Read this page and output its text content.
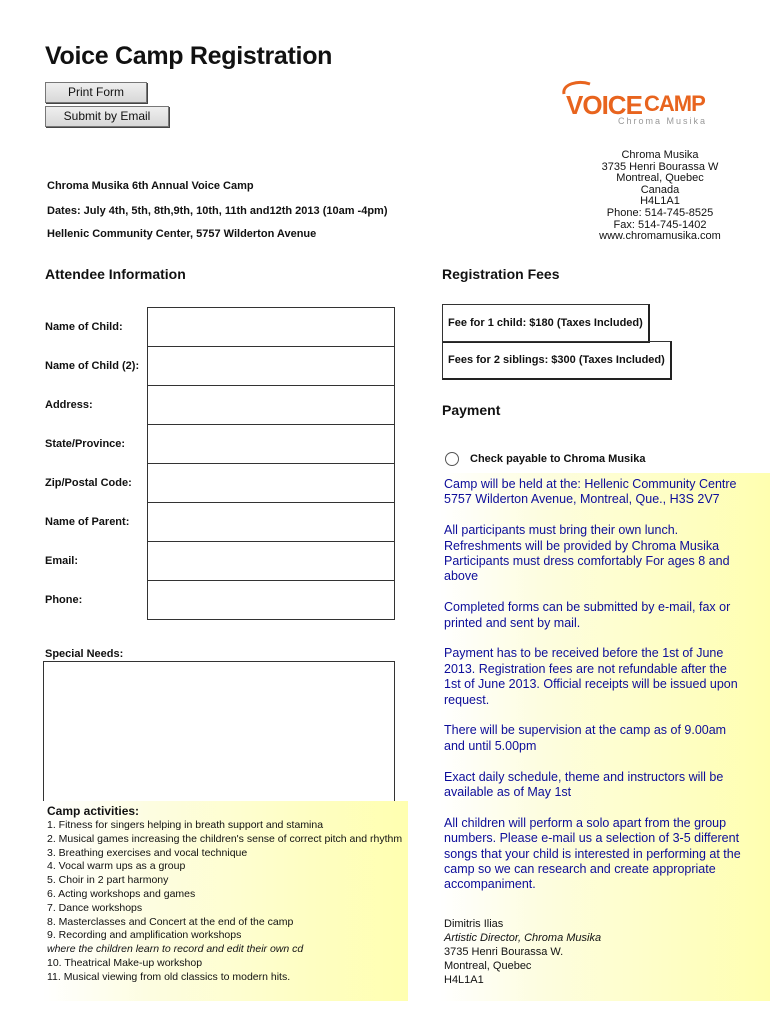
Voice Camp Registration
Print Form
Submit by Email	VOICE CAMP
Chroma Musika
Chroma Musika 6th Annual Voice Camp
Dates: July 4th, 5th, 8th,9th, 10th, 11th and12th 2013 (10am -4pm)
Hellenic Community Center, 5757 Wilderton Avenue
Chroma Musika
3735 Henri Bourassa W
Montreal, Quebec
Canada
H4L1A1
Phone: 514-745-8525
Fax: 514-745-1402
www.chromamusika.com
Attendee Information
Name of Child:
Name of Child (2):
Address:
State/Province:
Zip/Postal Code:
Name of Parent:
Email:
Phone:
Special Needs:
Camp activities:
1. Fitness for singers helping in breath support and stamina
2. Musical games increasing the children's sense of correct pitch and rhythm
3. Breathing exercises and vocal technique
4. Vocal warm ups as a group
5. Choir in 2 part harmony
6. Acting workshops and games
7. Dance workshops
8. Masterclasses and Concert at the end of the camp
9. Recording and amplification workshops
where the children learn to record and edit their own cd
10. Theatrical Make-up workshop
11. Musical viewing from old classics to modern hits.
Registration Fees
Fee for 1 child: $180 (Taxes Included)
Fees for 2 siblings: $300 (Taxes Included)
Payment
Check payable to Chroma Musika

Camp will be held at the: Hellenic Community Centre 5757 Wilderton Avenue, Montreal, Que., H3S 2V7

All participants must bring their own lunch. Refreshments will be provided by Chroma Musika Participants must dress comfortably For ages 8 and above

Completed forms can be submitted by e-mail, fax or printed and sent by mail.

Payment has to be received before the 1st of June 2013. Registration fees are not refundable after the 1st of June 2013. Official receipts will be issued upon request.

There will be supervision at the camp as of 9.00am and until 5.00pm

Exact daily schedule, theme and instructors will be available as of May 1st

All children will perform a solo apart from the group numbers. Please e-mail us a selection of 3-5 different songs that your child is interested in performing at the camp so we can research and create appropriate accompaniment.

Dimitris Ilias
Artistic Director, Chroma Musika
3735 Henri Bourassa W.
Montreal, Quebec
H4L1A1
